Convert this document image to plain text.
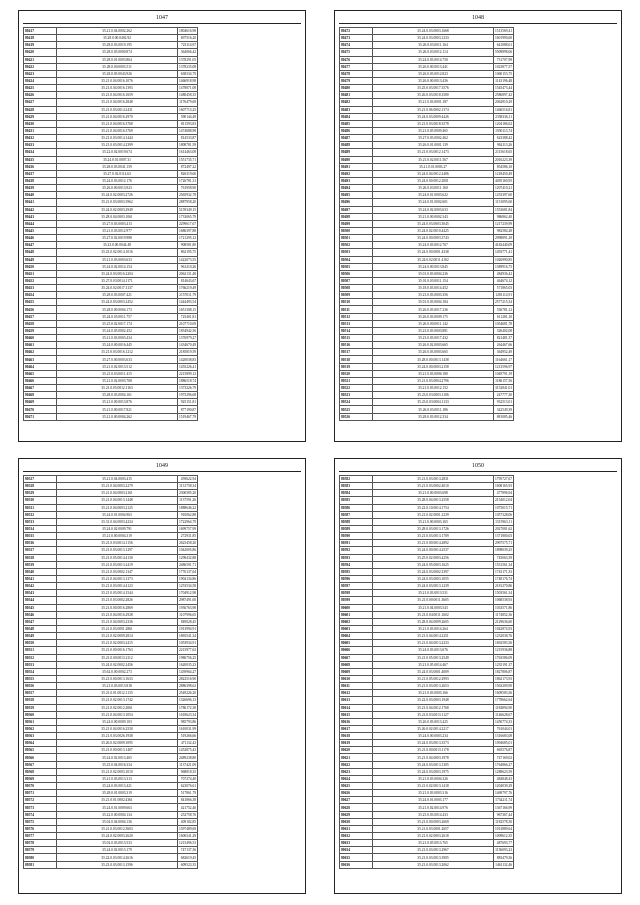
1047
80417	35.21.0.04.0002.262	1804616,98
80418	35.28.0.00.0402.92	697516,20
80419	35.28.0.03.0019.195	723114,97
80420	35.28.0.05.0000.874	364066,42
80421	35.28.0.01.0003.864	1378291,05
80422	35.28.0.00.0003.511	1378235,08
80423	35.28.0.05.0043.926	638334,79
80424	35.21.0.04.0016.1076	1466918,98
80425	35.21.0.04.0016.1393	1478871,08
80426	35.21.0.04.0016.1659	1480458,35
80427	35.21.0.04.0016.2848	1176479,69
80428	35.21.0.03.0014.2431	1607713,25
80429	35.21.0.04.0016.2970	590144,49
80430	35.21.0.04.0016.3768	811593,83
80431	35.21.0.04.0016.3769	1474688,98
80432	35.21.0.03.0014.1444	814533,87
80433	35.21.0.03.0014.2399	1808781,59
80434	35.22.0.02.0019.674	1614463,08
80435	35.24.0.01.0007.31	1551735,71
80436	35.28.0.03.0041.159	872497,22
80437	35.27.0.02.0114.63	826319,66
80438	35.24.0.03.0012.176	1726781,31
80439	35.26.0.00.0013.923	761958,90
80440	35.24.0.02.0003.2726	2565932,78
80441	35.21.0.03.0003.3962	2887958,20
80442	35.24.0.02.0003.2949	5159349,15
80443	35.28.0.04.0003.1061	1733065,79
80444	35.27.0.03.0003.413	2299617,67
80445	35.21.0.03.0012.977	1686397,88
80446	35.27.0.02.0019.988	1721295,12
80447	35.23.0.00.0044.48	908581,80
80448	35.23.0.02.0014.1016	862195,75
80449	35.21.0.03.0003.633	1422073,55
80450	35.24.0.02.0014.154	961210,26
80451	35.24.0.03.0016.2204	2062131,48
80452	35.27.0.03.0014.1171	814643,67
80453	35.24.0.02.0017.1137	1766219,49
80454	35.28.0.03.0007.421	2157011,79
80455	35.24.0.03.0003.2452	1444493,54
80456	35.28.0.00.0004.173	1651308,15
80457	35.24.0.05.0011.757	725401,81
80458	35.25.0.02.0017.174	2107710,69
80459	35.24.0.05.0002.452	1834942,56
80460	35.21.0.03.0003.434	1376979,27
80461	35.24.0.00.0016.445	1434670,49
80462	35.21.0.03.0016.1212	2185819,59
80463	35.27.0.00.0003.633	1420038,83
80464	35.21.0.02.0013.512	1455226,41
80465	35.21.0.03.0011.415	2215899,12
80466	35.21.0.02.0003.768	1886518,74
80467	35.21.0.05.0012.1163	1373226,79
80468	35.28.0.03.0004.161	1975296,68
80469	35.21.0.00.0013.876	925151,81
80470	35.21.0.00.0017.821	877190,87
80471	35.21.0.00.0004.262	1519467,79
1048
80472	35.24.0.03.0003.1668	1513569,41
80473	35.24.0.03.0003.1233	1601990,60
80474	35.26.0.03.0011.164	641088,61
80475	35.26.0.03.0012.114	5509898,06
80476	35.24.0.03.0014.750	731707,98
80477	35.26.0.00.0013.441	1023877,57
80478	35.26.0.03.0012.823	1060153,75
80479	35.26.0.00.0013.436	1143196,48
80480	35.25.0.03.0017.3576	1545473,44
80481	35.26.0.03.0018.3580	2586897,42
80482	35.21.0.03.0001.187	2062810,29
80483	35.21.0.06.0002.1374	1466516,81
80484	35.24.0.03.0009.4426	2358336,11
80485	35.21.0.03.0018.3578	1204186,02
80486	35.21.0.05.0009.465	1930113,74
80487	35.27.0.03.0002.462	623388,42
80488	35.26.0.01.0001.139	962113,26
80489	35.21.0.03.0012.1473	2115618,65
80490	35.21.0.02.0011.567	2016223,39
80491	35.21.0.01.0003.27	854586,10
80492	35.24.0.04.0012.2406	1218450,49
80493	35.24.0.00.0012.2001	4495160,95
80494	35.26.0.03.0011.160	1207410,21
80495	35.24.0.01.0003.622	1253397,60
80496	35.24.0.01.0002.601	1151095,60
80497	35.24.0.02.0003.633	1553681,84
80498	35.21.0.00.0002.343	986862,40
80499	35.24.0.03.0003.3045	1217239,99
80500	35.24.0.02.0010.4425	982584,28
80501	35.24.0.00.0003.3743	2998891,29
80502	35.24.0.03.0012.767	4182440,09
80503	35.24.0.00.0001.4338	1493771,41
80504	35.24.0.02.0011.4102	1026990,85
80505	35.24.0.00.0013.845	1389916,75
80506	35.01.0.03.0004.236	484936,42
80507	35.01.0.03.0011.154	464674,12
80508	35.18.0.03.0014.452	571865,03
80509	35.23.0.03.0003.356	1281114,91
80510	35.01.0.03.0004.184	2577215,34
80511	35.26.0.03.0017.236	536781,12
80512	35.26.0.03.0009.175	611281,10
80513	35.26.0.00.0011.142	1054681,78
80514	35.23.0.03.0003.881	320402,08
80515	35.23.0.03.0017.432	821481,37
80516	35.26.0.02.0003.665	264467,66
80517	35.26.0.03.0003.665	364952,49
80518	35.28.0.00.0013.1438	1164661,17
80519	35.24.0.00.0003.2158	1213596,97
80520	35.21.0.03.0006.180	1049791,19
80521	35.21.0.03.0004.2796	1186157,56
80522	35.21.0.03.0012.152	3152841,01
80523	35.23.0.03.0003.1106	247777,30
80524	35.23.0.03.0004.1133	932513,01
80525	35.26.0.03.0011.186	342549,39
80526	35.28.0.03.0012.334	881085,46
1049
80527	35.21.0.04.0003.415	459622,94
80528	35.21.0.04.0003.2279	1131758,34
80529	35.21.0.04.0003.2161	2306585,20
80530	35.21.0.04.0013.1448	1137591,26
80531	35.21.0.04.0003.2125	1888646,22
80532	35.24.0.01.0004.963	910062,88
80533	35.31.0.04.0003.4234	1722964,79
80534	35.24.0.02.0009.791	1699757,99
80535	35.21.0.00.0004.319	272931,85
80536	35.21.0.03.0014.1156	2625458,20
80537	35.21.0.03.0013.1297	1042005,86
80538	35.21.0.05.0014.4130	1298432,88
80539	35.21.0.03.0013.2419	2486591,71
80540	35.21.0.03.0002.1347	1776137,64
80541	35.21.0.04.0013.1373	1904134,86
80542	35.21.0.03.0014.4123	1253534,58
80543	35.21.0.03.0014.1544	1704912,98
80544	35.21.0.03.0002.2826	2987491,60
80545	35.21.0.00.0016.2869	1936763,98
80546	35.21.0.04.0016.2928	1107996,65
80547	35.21.0.04.0003.2336	849028,45
80548	35.21.0.03.0001.2861	1913994,91
80549	35.21.0.02.0009.2814	1865541,34
80550	35.21.0.02.0003.2415	1053934,91
80551	35.21.0.00.0016.1763	2215977,63
80552	35.21.0.00.0013.2112	1986756,25
80553	35.24.0.02.0002.2456	1620035,23
80554	35.62.0.00.0002.273	1439964,27
80555	35.21.0.00.0013.1633	2822516,90
80556	35.21.0.03.0013.818	2886398,62
80557	35.21.0.01.0012.1135	2549226,20
80558	35.21.0.02.0013.1742	1326696,13
80559	35.21.0.02.0012.2061	1786172,38
80560	35.21.0.04.0013.1054	1618623,34
80561	35.24.0.00.0009.103	985793,86
80562	35.21.0.04.0016.2530	1610031,99
80563	35.21.0.03.0026.1938	519266,66
80564	35.26.0.02.0009.1095	471132,43
80565	35.21.0.00.0013.1407	1452875,43
80566	35.24.0.02.0013.465	2489238,80
80567	35.25.0.04.0016.334	1137421,09
80568	35.21.0.02.0003.1010	968818,35
80569	35.21.0.03.0013.313	707274,40
80570	35.24.0.03.0013.421	623076,61
80571	35.28.0.01.0003.319	517861,79
80572	35.21.0.01.0002.4361	841866,38
80573	35.24.0.01.0009.663	421752,46
80574	35.22.0.00.0004.134	252758,76
80575	35.02.0.04.0004.136	409102,85
80576	35.21.0.03.0012.3603	1597489,69
80577	35.24.0.02.0003.2620	1606541,29
80578	35.02.0.03.0013.533	1215496,53
80579	35.24.0.02.0013.179	747137,36
80580	35.22.0.03.0014.2616	682619,45
80581	35.23.0.03.0013.1596	609523,35
1050
80582	35.21.0.03.0013.2831	1795727,67
80583	35.21.0.03.0002.4010	1608165,93
80584	35.21.0.00.0003.698	477896,94
80585	35.28.0.04.0013.2558	2154012,04
80586	35.22.0.10.0014.1754	1075015,71
80587	35.21.0.02.0001.2239	1057328,06
80588	35.21.0.00.0003.165	1515963,11
80589	35.28.0.03.0013.1726	2027081,62
80590	35.21.0.03.0013.1709	1371800,03
80591	35.21.0.00.0014.2892	2907575,71
80592	35.24.0.00.0014.2537	1898039,25
80593	35.25.0.02.0003.4256	745063,59
80594	35.24.0.05.0003.1625	1531561,34
80595	35.24.0.03.0002.3397	1743171,33
80596	35.24.0.03.0003.1055	1748176,74
80597	35.24.0.03.0013.1239	2181270,86
80598	35.21.0.03.0013.531	1503561,34
80599	35.21.0.00.0011.3605	1068538,93
80600	35.21.0.04.0003.543	1033571,86
80601	35.21.0.04.0011.1602	1174852,36
80602	35.28.0.04.0009.2605	2129636,60
80603	35.21.0.03.0014.264	1042874,93
80604	35.21.0.04.0014.2251	1252038,76
80605	35.21.0.04.0013.2233	1692583,56
80606	35.24.0.03.0013.676	1215936,88
80607	35.21.0.05.0013.2549	1763586,09
80608	35.21.0.05.0014.467	1235191,37
80609	35.24.0.03.0001.4009	1827806,87
80610	35.21.0.05.0012.2993	1862173,93
80611	35.21.0.03.0013.2653	1563209,90
80612	35.21.0.03.0003.166	1609583,56
80613	35.22.0.03.0003.1948	1778662,64
80614	35.21.0.04.0012.1768	1184894,90
80615	35.21.0.03.0013.1127	1146628,67
80616	35.26.0.03.0013.425	1450774,33
80617	35.26.0.02.0014.2217	761044,01
80618	35.24.0.00.0003.234	1316683,08
80619	35.24.0.03.0013.3573	1094685,01
80620	35.21.0.00.0013.1178	665576,87
80621	35.21.0.04.0003.1978	747169,02
80622	35.24.0.03.0013.1305	1764866,27
80623	35.24.0.03.0003.1975	1288623,59
80624	35.21.0.03.0004.326	484848,43
80625	35.21.0.02.0013.1418	1204039,29
80626	35.21.0.03.0003.316	1469797,76
80627	35.24.0.01.0003.177	1734211,74
80628	35.21.0.02.0014.976	1367166,99
80629	35.25.0.03.0014.433	967367,44
80630	35.21.0.00.0003.2669	1182578,30
80631	35.21.0.03.0001.2657	1013889,64
80632	35.21.0.02.0003.2618	1009612,35
80633	35.21.0.05.0013.765	487693,77
80634	35.21.0.03.0013.2967	1156093,23
80635	35.21.0.03.0013.3905	883479,36
80636	35.21.0.03.0013.2062	1461132,46
